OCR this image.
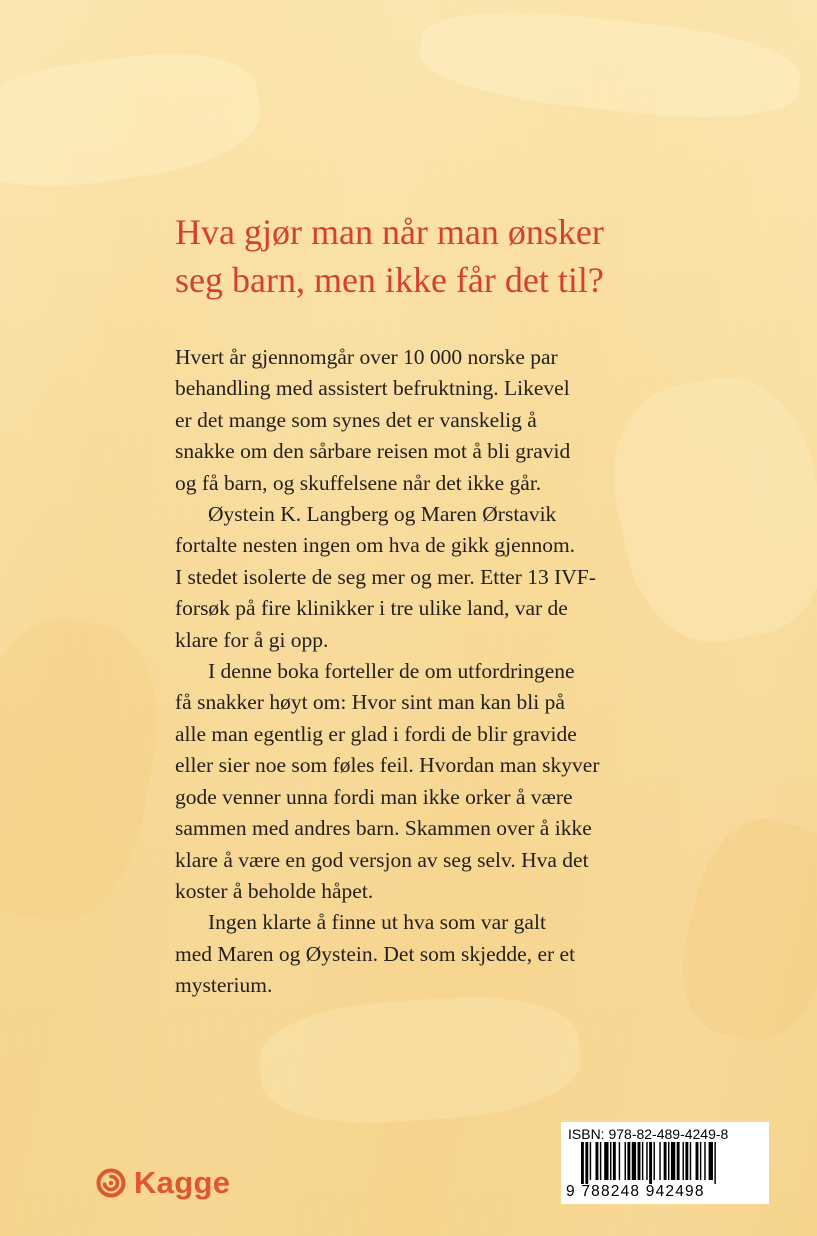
Hva gjør man når man ønsker
seg barn, men ikke får det til?

Hvert år gjennomgår over 10 000 norske par
behandling med assistert befruktning. Likevel
er det mange som synes det er vanskelig å
snakke om den sårbare reisen mot å bli gravid
og få barn, og skuffelsene når det ikke går.

Øystein K. Langberg og Maren Ørstavik
fortalte nesten ingen om hva de gikk gjennom.
I stedet isolerte de seg mer og mer. Etter 13 IVF-
forsøk på fire klinikker i tre ulike land, var de
klare for å gi opp.

I denne boka forteller de om utfordringene
få snakker høyt om: Hvor sint man kan bli på
alle man egentlig er glad i fordi de blir gravide
eller sier noe som føles feil. Hvordan man skyver
gode venner unna fordi man ikke orker å være
sammen med andres barn. Skammen over å ikke
klare å være en god versjon av seg selv. Hva det
koster å beholde håpet.

Ingen klarte å finne ut hva som var galt
med Maren og Øystein. Det som skjedde, er et
mysterium.

Kagge
ISBN: 978-82-489-4249-8
9 788248 942498
